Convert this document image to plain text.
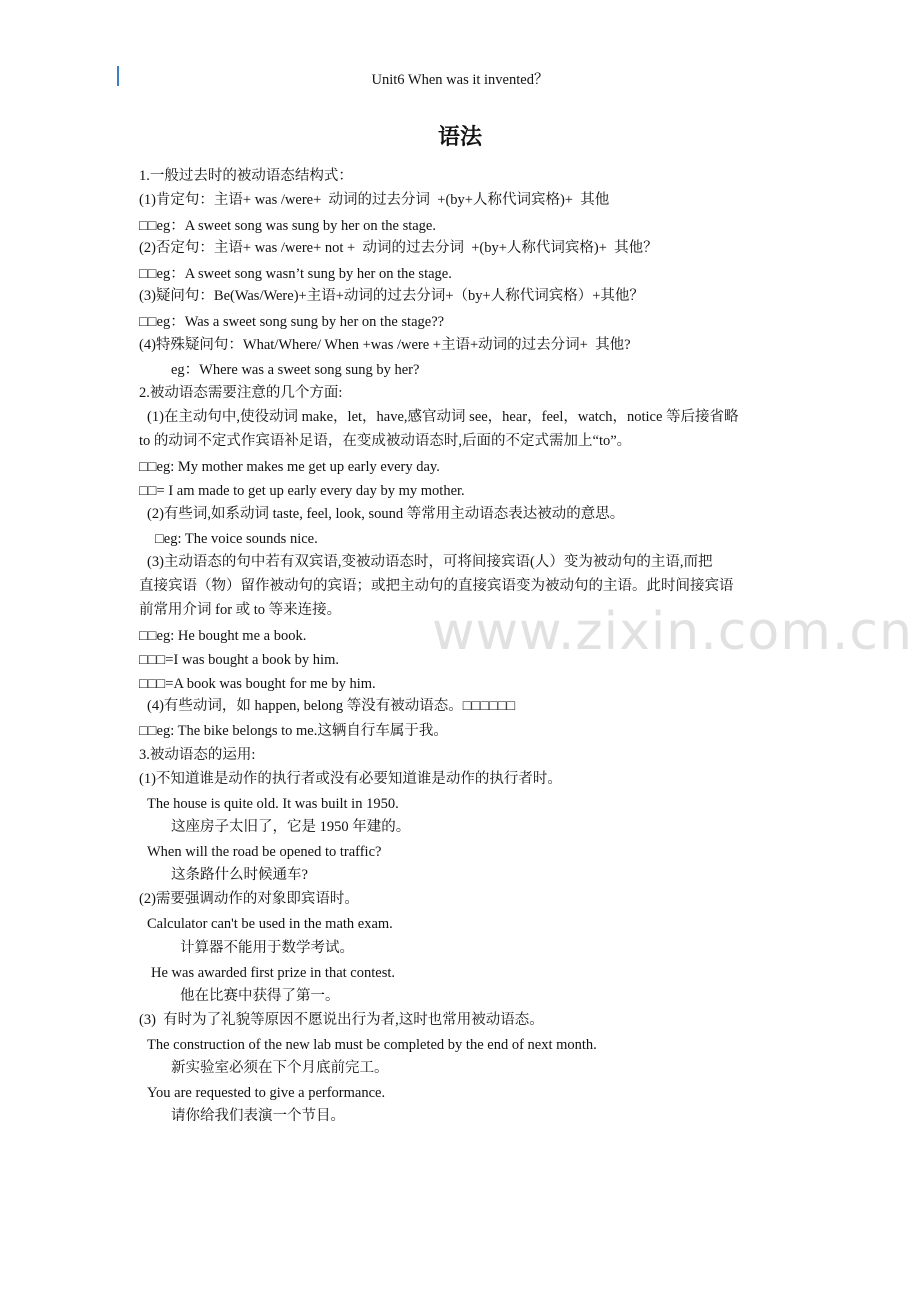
Unit6 When was it invented？
语法
www.zixin.com.cn
1.一般过去时的被动语态结构式：
(1)肯定句：主语+ was /were+  动词的过去分词  +(by+人称代词宾格)+  其他
□□eg：A sweet song was sung by her on the stage.
(2)否定句：主语+ was /were+ not +  动词的过去分词  +(by+人称代词宾格)+  其他？
□□eg：A sweet song wasn’t sung by her on the stage.
(3)疑问句：Be(Was/Were)+主语+动词的过去分词+（by+人称代词宾格）+其他？
□□eg：Was a sweet song sung by her on the stage??
(4)特殊疑问句：What/Where/ When +was /were +主语+动词的过去分词+  其他?
eg：Where was a sweet song sung by her?
2.被动语态需要注意的几个方面:
(1)在主动句中,使役动词 make，let，have,感官动词 see，hear，feel，watch，notice 等后接省略
to 的动词不定式作宾语补足语，在变成被动语态时,后面的不定式需加上“to”。
□□eg: My mother makes me get up early every day.
□□= I am made to get up early every day by my mother.
(2)有些词,如系动词 taste, feel, look, sound 等常用主动语态表达被动的意思。
□eg: The voice sounds nice.
(3)主动语态的句中若有双宾语,变被动语态时，可将间接宾语(人）变为被动句的主语,而把
直接宾语（物）留作被动句的宾语；或把主动句的直接宾语变为被动句的主语。此时间接宾语
前常用介词 for 或 to 等来连接。
□□eg: He bought me a book.
□□□=I was bought a book by him.
□□□=A book was bought for me by him.
(4)有些动词，如 happen, belong 等没有被动语态。□□□□□□
□□eg: The bike belongs to me.这辆自行车属于我。
3.被动语态的运用:
(1)不知道谁是动作的执行者或没有必要知道谁是动作的执行者时。
The house is quite old. It was built in 1950.
这座房子太旧了，它是 1950 年建的。
When will the road be opened to traffic?
这条路什么时候通车?
(2)需要强调动作的对象即宾语时。
Calculator can't be used in the math exam.
计算器不能用于数学考试。
He was awarded first prize in that contest.
他在比赛中获得了第一。
(3)  有时为了礼貌等原因不愿说出行为者,这时也常用被动语态。
The construction of the new lab must be completed by the end of next month.
新实验室必须在下个月底前完工。
You are requested to give a performance.
请你给我们表演一个节目。
